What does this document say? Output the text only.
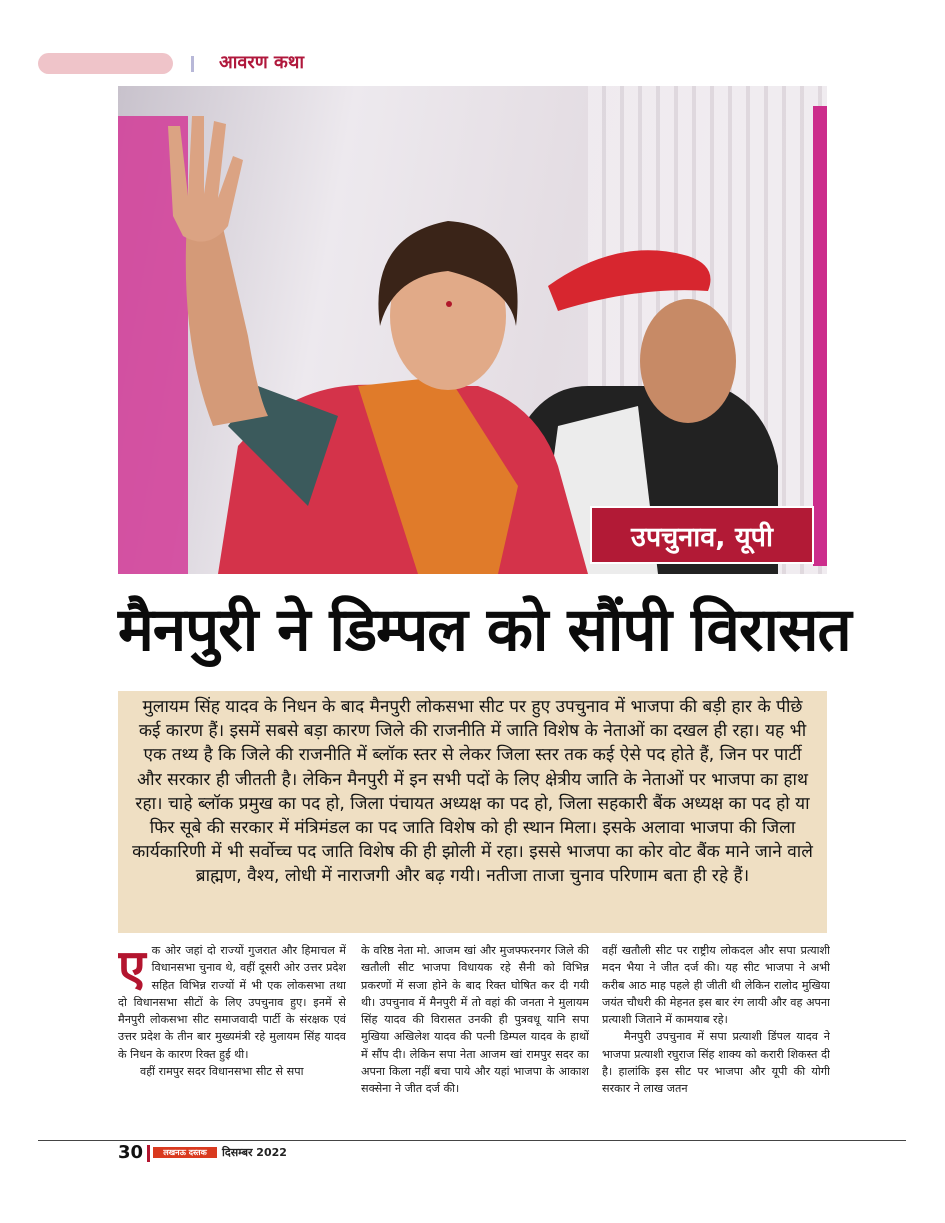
आवरण कथा
उपचुनाव, यूपी
मैनपुरी ने डिम्पल को सौंपी विरासत

मुलायम सिंह यादव के निधन के बाद मैनपुरी लोकसभा सीट पर हुए उपचुनाव में भाजपा की बड़ी हार के पीछे कई कारण हैं। इसमें सबसे बड़ा कारण जिले की राजनीति में जाति विशेष के नेताओं का दखल ही रहा। यह भी एक तथ्य है कि जिले की राजनीति में ब्लॉक स्तर से लेकर जिला स्तर तक कई ऐसे पद होते हैं, जिन पर पार्टी और सरकार ही जीतती है। लेकिन मैनपुरी में इन सभी पदों के लिए क्षेत्रीय जाति के नेताओं पर भाजपा का हाथ रहा। चाहे ब्लॉक प्रमुख का पद हो, जिला पंचायत अध्यक्ष का पद हो, जिला सहकारी बैंक अध्यक्ष का पद हो या फिर सूबे की सरकार में मंत्रिमंडल का पद जाति विशेष को ही स्थान मिला। इसके अलावा भाजपा की जिला कार्यकारिणी में भी सर्वोच्च पद जाति विशेष की ही झोली में रहा। इससे भाजपा का कोर वोट बैंक माने जाने वाले ब्राह्मण, वैश्य, लोधी में नाराजगी और बढ़ गयी। नतीजा ताजा चुनाव परिणाम बता ही रहे हैं।

ए क ओर जहां दो राज्यों गुजरात और हिमाचल में विधानसभा चुनाव थे, वहीं दूसरी ओर उत्तर प्रदेश सहित विभिन्न राज्यों में भी एक लोकसभा तथा दो विधानसभा सीटों के लिए उपचुनाव हुए। इनमें से मैनपुरी लोकसभा सीट समाजवादी पार्टी के संरक्षक एवं उत्तर प्रदेश के तीन बार मुख्यमंत्री रहे मुलायम सिंह यादव के निधन के कारण रिक्त हुई थी।
वहीं रामपुर सदर विधानसभा सीट से सपा
के वरिष्ठ नेता मो. आजम खां और मुजफ्फरनगर जिले की खतौली सीट भाजपा विधायक रहे सैनी को विभिन्न प्रकरणों में सजा होने के बाद रिक्त घोषित कर दी गयी थी। उपचुनाव में मैनपुरी में तो वहां की जनता ने मुलायम सिंह यादव की विरासत उनकी ही पुत्रवधू यानि सपा मुखिया अखिलेश यादव की पत्नी डिम्पल यादव के हाथों में सौंप दी। लेकिन सपा नेता आजम खां रामपुर सदर का अपना किला नहीं बचा पाये और यहां भाजपा के आकाश सक्सेना ने जीत दर्ज की।
वहीं खतौली सीट पर राष्ट्रीय लोकदल और सपा प्रत्याशी मदन भैया ने जीत दर्ज की। यह सीट भाजपा ने अभी करीब आठ माह पहले ही जीती थी लेकिन रालोद मुखिया जयंत चौधरी की मेहनत इस बार रंग लायी और वह अपना प्रत्याशी जिताने में कामयाब रहे।
मैनपुरी उपचुनाव में सपा प्रत्याशी डिंपल यादव ने भाजपा प्रत्याशी रघुराज सिंह शाक्य को करारी शिकस्त दी है। हालांकि इस सीट पर भाजपा और यूपी की योगी सरकार ने लाख जतन
30	लखनऊ दस्तक	दिसम्बर 2022
